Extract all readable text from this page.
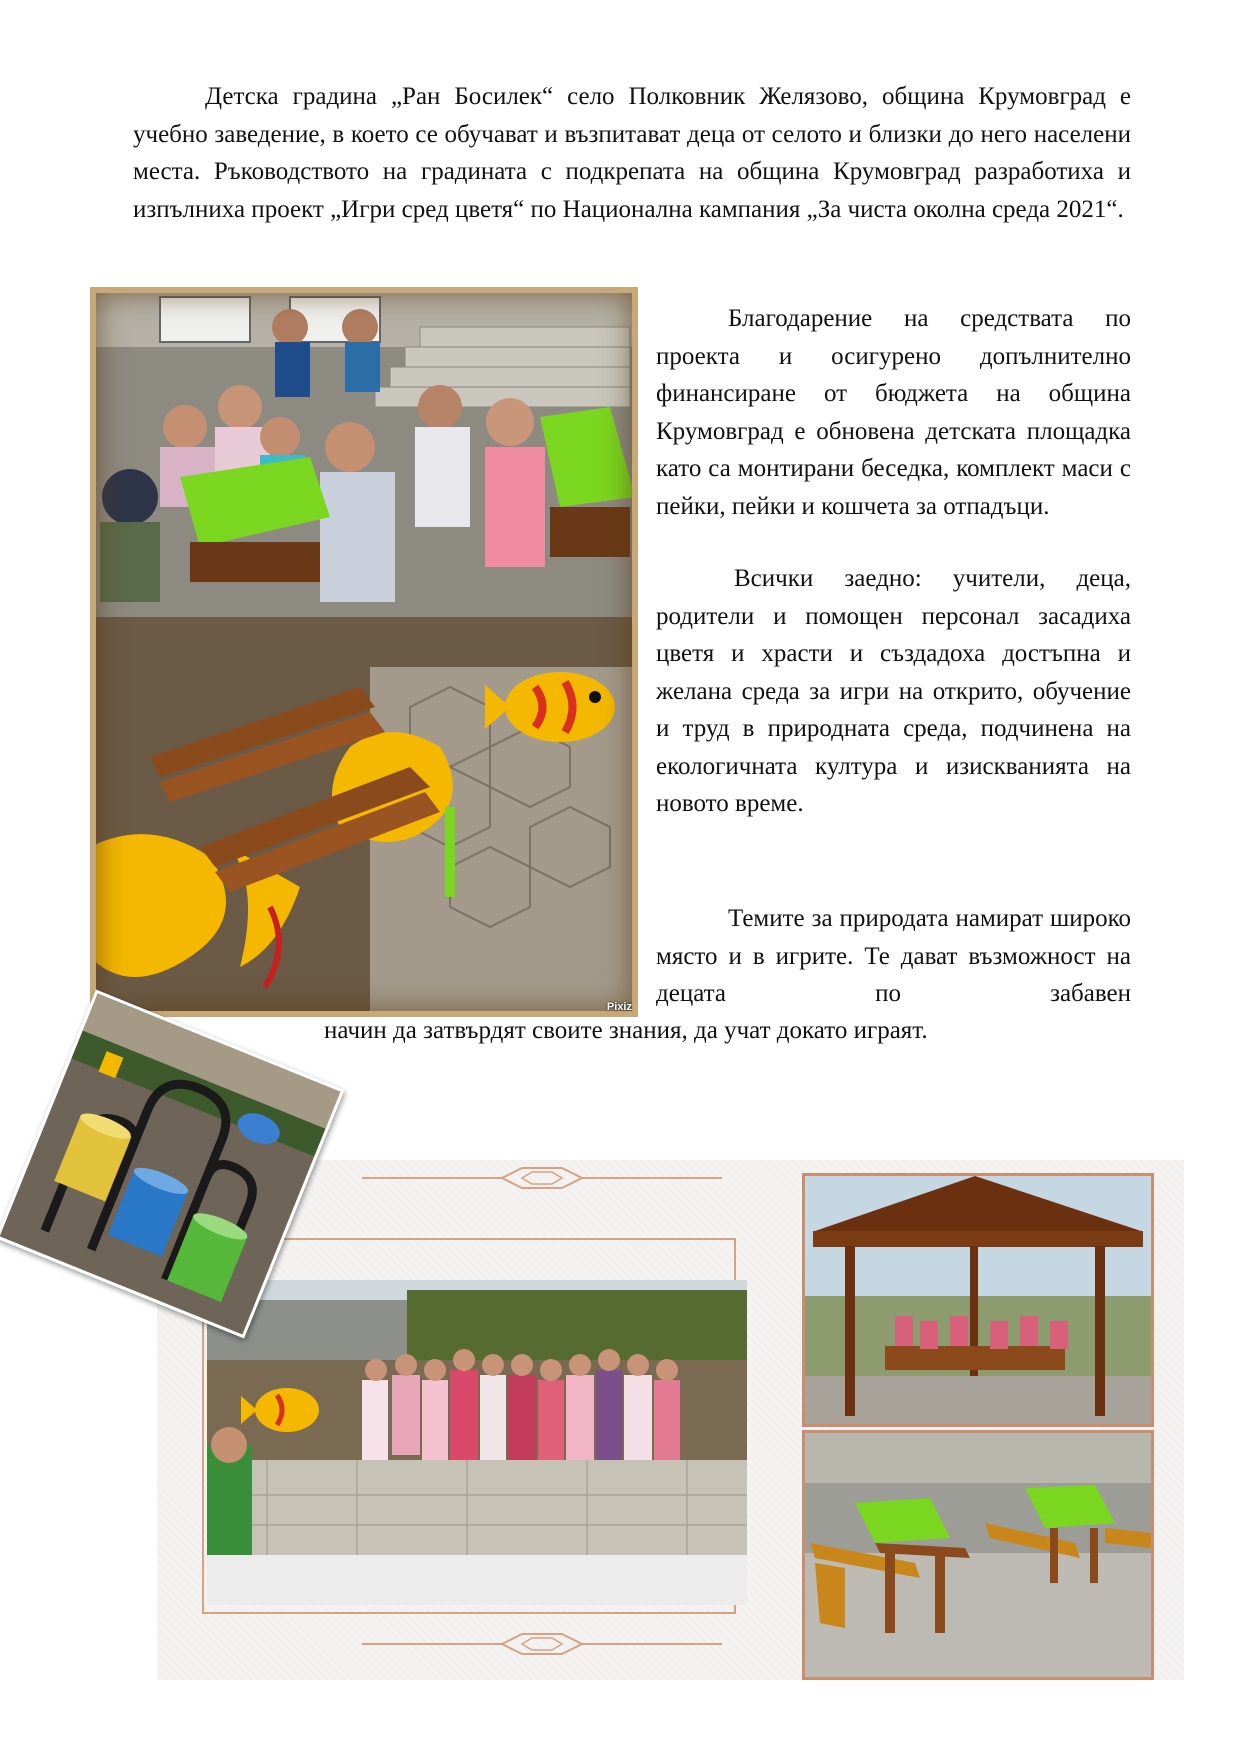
Детска градина „Ран Босилек“ село Полковник Желязово, община Крумовград е учебно заведение, в което се обучават и възпитават деца от селото и близки до него населени места. Ръководството на градината с подкрепата на община Крумовград разработиха и изпълниха проект „Игри сред цветя“ по Национална кампания „За чиста околна среда 2021“.

Pixiz

Благодарение на средствата по проекта и осигурено допълнително финансиране от бюджета на община Крумовград е обновена детската площадка като са монтирани беседка, комплект маси с пейки, пейки и кошчета за отпадъци.

Всички заедно: учители, деца, родители и помощен персонал засадиха цветя и храсти и създадоха достъпна и желана среда за игри на открито, обучение и труд в природната среда, подчинена на екологичната култура и изискванията на новото време.

Темите за природата намират широко място и в игрите. Те дават възможност на децата по забавен

начин да затвърдят своите знания, да учат докато играят.
